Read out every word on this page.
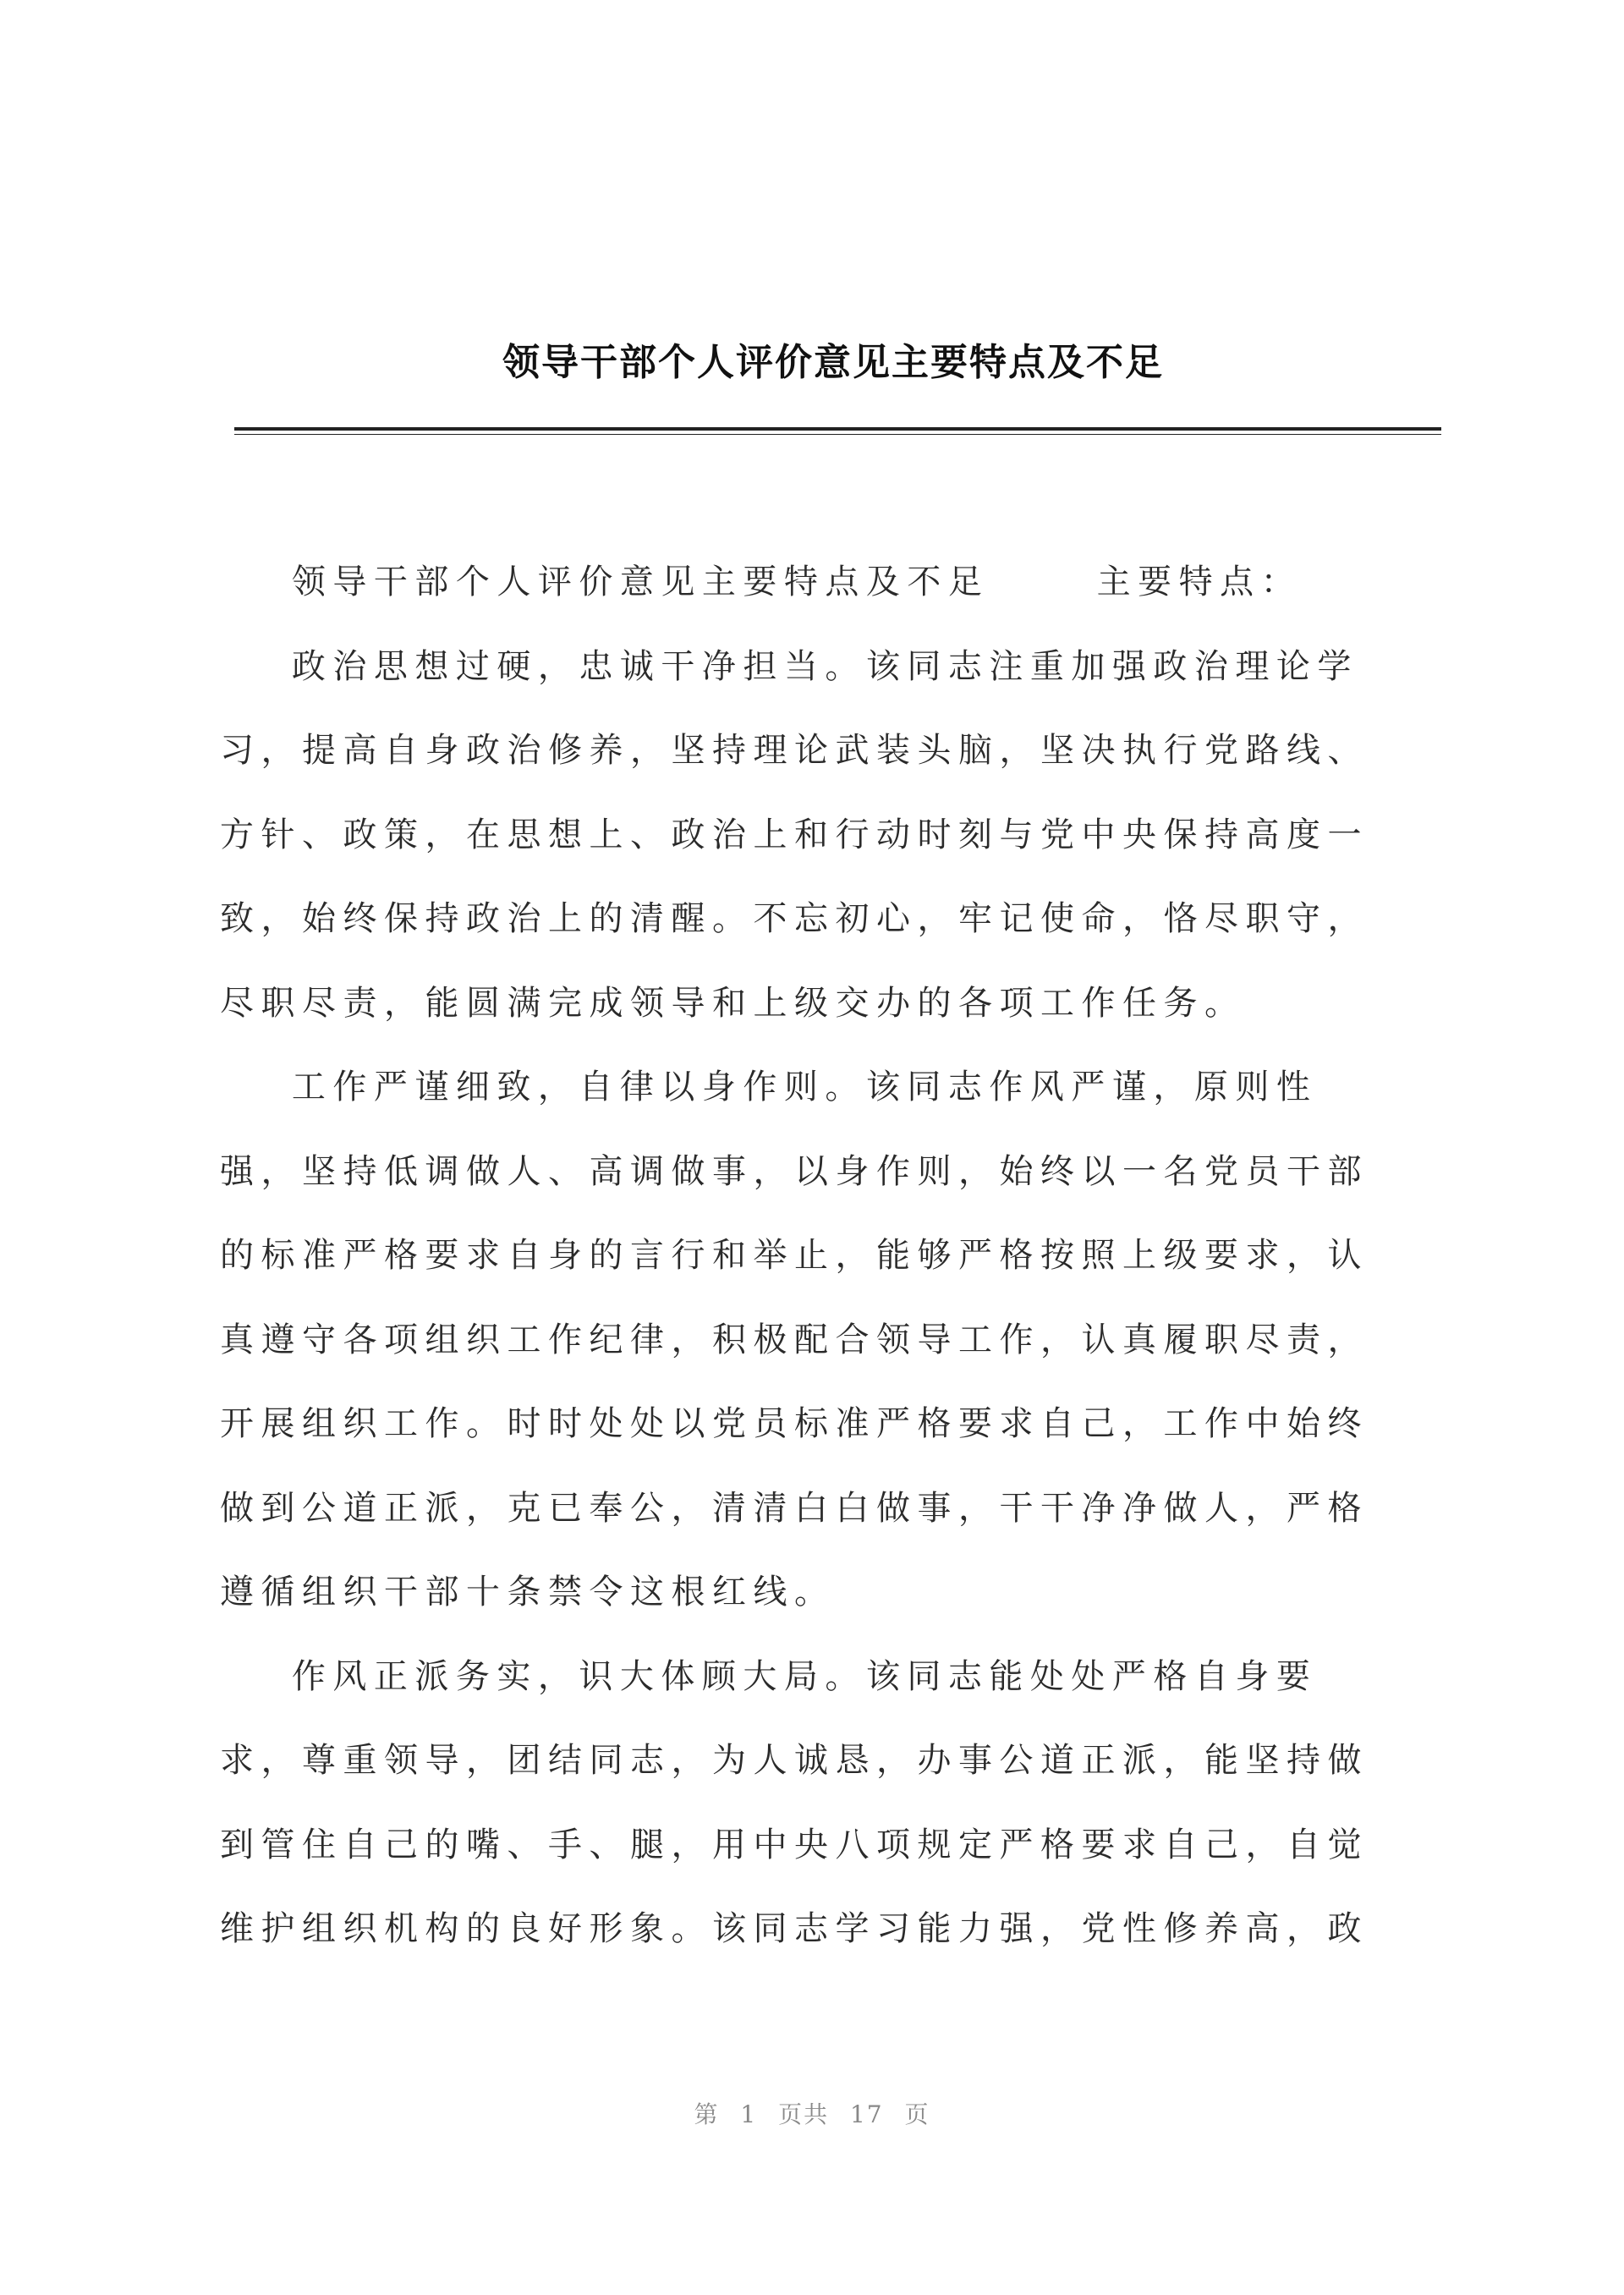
领导干部个人评价意见主要特点及不足
领导干部个人评价意见主要特点及不足      主要特点：
政治思想过硬，忠诚干净担当。该同志注重加强政治理论学
习，提高自身政治修养，坚持理论武装头脑，坚决执行党路线、
方针、政策，在思想上、政治上和行动时刻与党中央保持高度一
致，始终保持政治上的清醒。不忘初心，牢记使命，恪尽职守，
尽职尽责，能圆满完成领导和上级交办的各项工作任务。
工作严谨细致，自律以身作则。该同志作风严谨，原则性
强，坚持低调做人、高调做事，以身作则，始终以一名党员干部
的标准严格要求自身的言行和举止，能够严格按照上级要求，认
真遵守各项组织工作纪律，积极配合领导工作，认真履职尽责，
开展组织工作。时时处处以党员标准严格要求自己，工作中始终
做到公道正派，克已奉公，清清白白做事，干干净净做人，严格
遵循组织干部十条禁令这根红线。
作风正派务实，识大体顾大局。该同志能处处严格自身要
求，尊重领导，团结同志，为人诚恳，办事公道正派，能坚持做
到管住自己的嘴、手、腿，用中央八项规定严格要求自己，自觉
维护组织机构的良好形象。该同志学习能力强，党性修养高，政
第 1 页共 17 页
